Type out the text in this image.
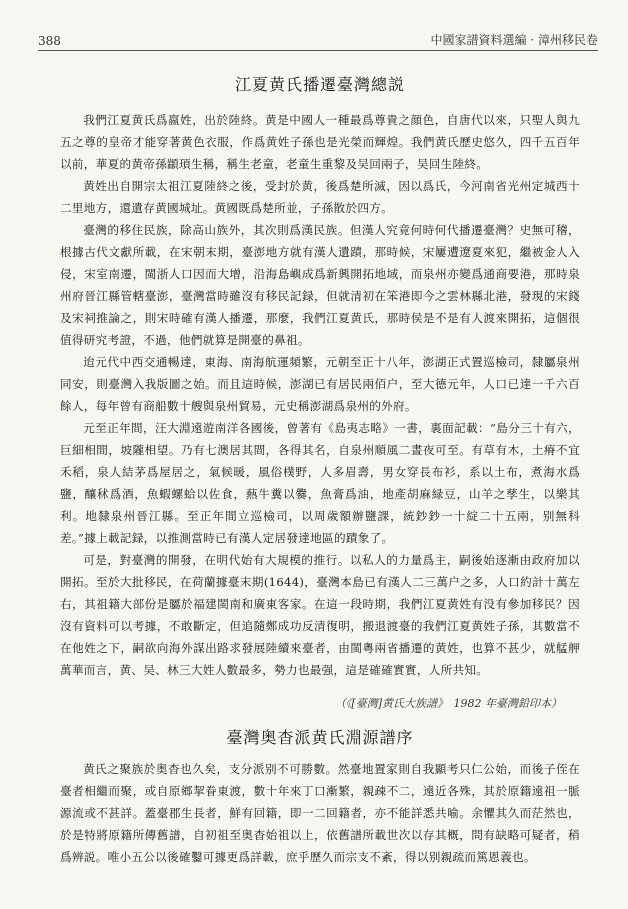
388	中國家譜資料選編 · 漳州移民卷
江夏黄氏播遷臺灣總説

我們江夏黄氏爲嬴姓，出於陸終。黄是中國人一種最爲尊貴之顔色，自唐代以來，只聖人與九五之尊的皇帝才能穿著黄色衣服，作爲黄姓子孫也是光榮而輝煌。我們黄氏歷史悠久，四千五百年以前，華夏的黄帝孫顓頊生稱，稱生老童，老童生重黎及吴回兩子，吴回生陸終。

黄姓出自開宗太祖江夏陸終之後，受封於黄，後爲楚所滅，因以爲氏，今河南省光州定城西十二里地方，還遺存黄國城址。黄國既爲楚所並，子孫散於四方。

臺灣的移住民族，除高山族外，其次則爲漢民族。但漢人究竟何時何代播遷臺灣？史無可稽，根據古代文獻所載，在宋朝末期，臺澎地方就有漢人遺蹟，那時候，宋屢遭遼夏來犯，繼被金人入侵，宋室南遷，閩浙人口因而大增，沿海島嶼成爲新興開拓地域，而泉州亦變爲通商要港，那時泉州府晉江縣管轄臺澎，臺灣當時雖沒有移民記録，但就清初在笨港即今之雲林縣北港，發現的宋錢及宋祠推論之，則宋時確有漢人播遷，那麼，我們江夏黄氏，那時侯是不是有人渡來開拓，這個很值得研究考證，不過，他們就算是開臺的鼻祖。

迨元代中西交通暢達，東海、南海航運頻繁，元朝至正十八年，澎湖正式置巡檢司，隸屬泉州同安，則臺灣入我版圖之始。而且這時候，澎湖已有居民兩佰户，至大德元年，人口已達一千六百餘人，每年曾有商船數十艘與泉州貿易，元史稱澎湖爲泉州的外府。

元至正年間，汪大淵遠遊南洋各國後，曾著有《島夷志略》一書，裏面記載：“島分三十有六，巨細相間，坡隴相望。乃有七澳居其間，各得其名，自泉州順風二晝夜可至。有草有木，土瘠不宜禾稻，泉人結茅爲屋居之，氣候暖，風俗樸野，人多眉壽，男女穿長布衫，系以土布，煮海水爲鹽，釀秫爲酒，魚蝦螺蛤以佐食，爇牛糞以爨，魚膏爲油，地產胡麻緑豆，山羊之孳生，以樂其利。地隸泉州晉江縣。至正年間立巡檢司，以周歲額辦鹽課，統鈔鈔一十綻二十五兩，别無科差。”據上載記録，以推測當時已有漢人定居發達地區的蹟象了。

可是，對臺灣的開發，在明代始有大規模的推行。以私人的力量爲主，嗣後始逐漸由政府加以開拓。至於大批移民，在荷蘭據臺末期(1644)，臺灣本島已有漢人二三萬户之多，人口約計十萬左右，其祖籍大部份是屬於福建閩南和廣東客家。在這一段時期，我們江夏黄姓有没有參加移民？因沒有資料可以考據，不敢斷定，但追隨鄭成功反清復明，搬退渡臺的我們江夏黄姓子孫，其數當不在他姓之下，嗣欲向海外謀出路求發展陸續來臺者，由閩粵兩省播遷的黄姓，也算不甚少，就艋舺萬華而言，黄、吴、林三大姓人數最多，勢力也最强，這是確確實實，人所共知。

（《[臺灣]黄氏大族譜》　1982 年臺灣鉛印本）
臺灣奥杳派黄氏淵源譜序

黄氏之聚族於奥杳也久矣，支分派别不可勝數。然臺地置家則自我顯考只仁公始，而後子侄在臺者相繼而聚，或自原鄉挈眷東渡，數十年來丁口漸繁，親疎不二，遠近各殊，其於原籍遠祖一脈源流或不甚詳。蓋臺郡生長者，鮮有回籍，即一二回籍者，亦不能詳悉共喻。余懼其久而茫然也，於是特將原籍所傳舊譜，自初祖至奥杳始祖以上，依舊譜所載世次以存其概，問有缺略可疑者，稍爲辨説。唯小五公以後確鑿可據更爲詳載，庶乎歷久而宗支不紊，得以别親疏而篤恩義也。
